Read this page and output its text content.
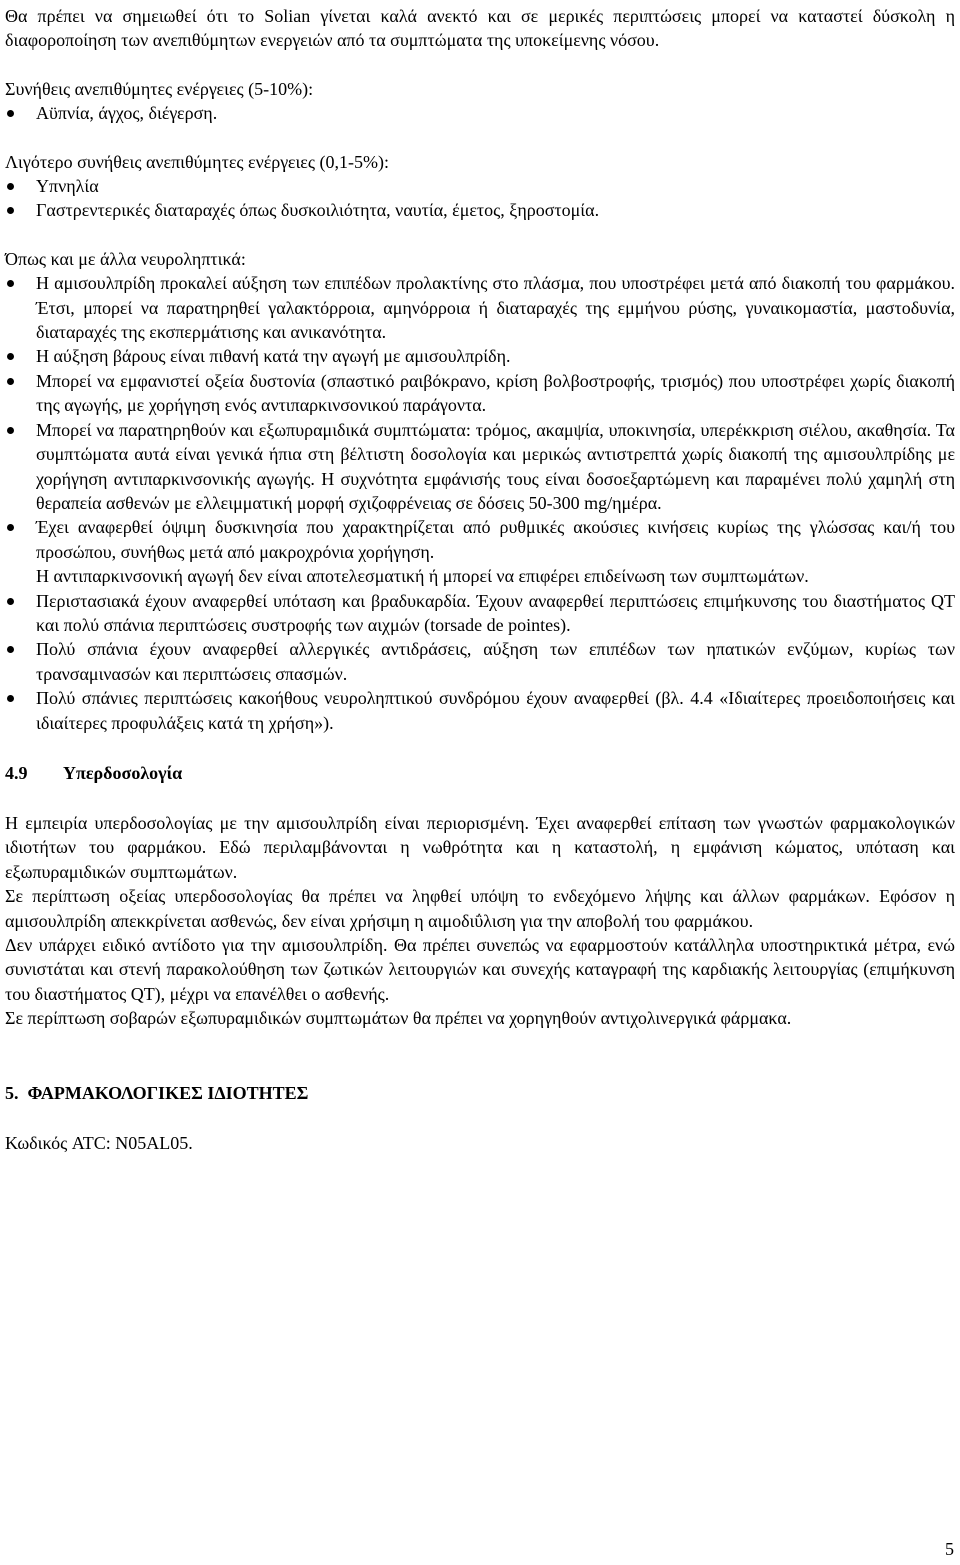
Θα πρέπει να σημειωθεί ότι το Solian γίνεται καλά ανεκτό και σε μερικές περιπτώσεις μπορεί να καταστεί δύσκολη η διαφοροποίηση των ανεπιθύμητων ενεργειών από τα συμπτώματα της υποκείμενης νόσου.

Συνήθεις ανεπιθύμητες ενέργειες (5-10%):

Αϋπνία, άγχος, διέγερση.

Λιγότερο συνήθεις ανεπιθύμητες ενέργειες (0,1-5%):

Υπνηλία
Γαστρεντερικές διαταραχές όπως δυσκοιλιότητα, ναυτία, έμετος, ξηροστομία.

Όπως και με άλλα νευροληπτικά:

Η αμισουλπρίδη προκαλεί αύξηση των επιπέδων προλακτίνης στο πλάσμα, που υποστρέφει μετά από διακοπή του φαρμάκου. Έτσι, μπορεί να παρατηρηθεί γαλακτόρροια, αμηνόρροια ή διαταραχές της εμμήνου ρύσης, γυναικομαστία, μαστοδυνία, διαταραχές της εκσπερμάτισης και ανικανότητα.
Η αύξηση βάρους είναι πιθανή κατά την αγωγή με αμισουλπρίδη.
Μπορεί να εμφανιστεί οξεία δυστονία (σπαστικό ραιβόκρανο, κρίση βολβοστροφής, τρισμός) που υποστρέφει χωρίς διακοπή της αγωγής, με χορήγηση ενός αντιπαρκινσονικού παράγοντα.
Μπορεί να παρατηρηθούν και εξωπυραμιδικά συμπτώματα: τρόμος, ακαμψία, υποκινησία, υπερέκκριση σιέλου, ακαθησία. Τα συμπτώματα αυτά είναι γενικά ήπια στη βέλτιστη δοσολογία και μερικώς αντιστρεπτά χωρίς διακοπή της αμισουλπρίδης με χορήγηση αντιπαρκινσονικής αγωγής. Η συχνότητα εμφάνισής τους είναι δοσοεξαρτώμενη και παραμένει πολύ χαμηλή στη θεραπεία ασθενών με ελλειμματική μορφή σχιζοφρένειας σε δόσεις 50-300 mg/ημέρα.

Έχει αναφερθεί όψιμη δυσκινησία που χαρακτηρίζεται από ρυθμικές ακούσιες κινήσεις κυρίως της γλώσσας και/ή του προσώπου, συνήθως μετά από μακροχρόνια χορήγηση.

Η αντιπαρκινσονική αγωγή δεν είναι αποτελεσματική ή μπορεί να επιφέρει επιδείνωση των συμπτωμάτων.

Περιστασιακά έχουν αναφερθεί υπόταση και βραδυκαρδία. Έχουν αναφερθεί περιπτώσεις επιμήκυνσης του διαστήματος QT και πολύ σπάνια περιπτώσεις συστροφής των αιχμών (torsade de pointes).
Πολύ σπάνια έχουν αναφερθεί αλλεργικές αντιδράσεις, αύξηση των επιπέδων των ηπατικών ενζύμων, κυρίως των τρανσαμινασών και περιπτώσεις σπασμών.
Πολύ σπάνιες περιπτώσεις κακοήθους νευροληπτικού συνδρόμου έχουν αναφερθεί (βλ. 4.4 «Ιδιαίτερες προειδοποιήσεις και ιδιαίτερες προφυλάξεις κατά τη χρήση»).
4.9 Υπερδοσολογία

Η εμπειρία υπερδοσολογίας με την αμισουλπρίδη είναι περιορισμένη. Έχει αναφερθεί επίταση των γνωστών φαρμακολογικών ιδιοτήτων του φαρμάκου. Εδώ περιλαμβάνονται η νωθρότητα και η καταστολή, η εμφάνιση κώματος, υπόταση και εξωπυραμιδικών συμπτωμάτων.

Σε περίπτωση οξείας υπερδοσολογίας θα πρέπει να ληφθεί υπόψη το ενδεχόμενο λήψης και άλλων φαρμάκων. Εφόσον η αμισουλπρίδη απεκκρίνεται ασθενώς, δεν είναι χρήσιμη η αιμοδιΰλιση για την αποβολή του φαρμάκου.

Δεν υπάρχει ειδικό αντίδοτο για την αμισουλπρίδη. Θα πρέπει συνεπώς να εφαρμοστούν κατάλληλα υποστηρικτικά μέτρα, ενώ συνιστάται και στενή παρακολούθηση των ζωτικών λειτουργιών και συνεχής καταγραφή της καρδιακής λειτουργίας (επιμήκυνση του διαστήματος QT), μέχρι να επανέλθει ο ασθενής.

Σε περίπτωση σοβαρών εξωπυραμιδικών συμπτωμάτων θα πρέπει να χορηγηθούν αντιχολινεργικά φάρμακα.

5.  ΦΑΡΜΑΚΟΛΟΓΙΚΕΣ ΙΔΙΟΤΗΤΕΣ

Κωδικός ATC: N05AL05.

5
